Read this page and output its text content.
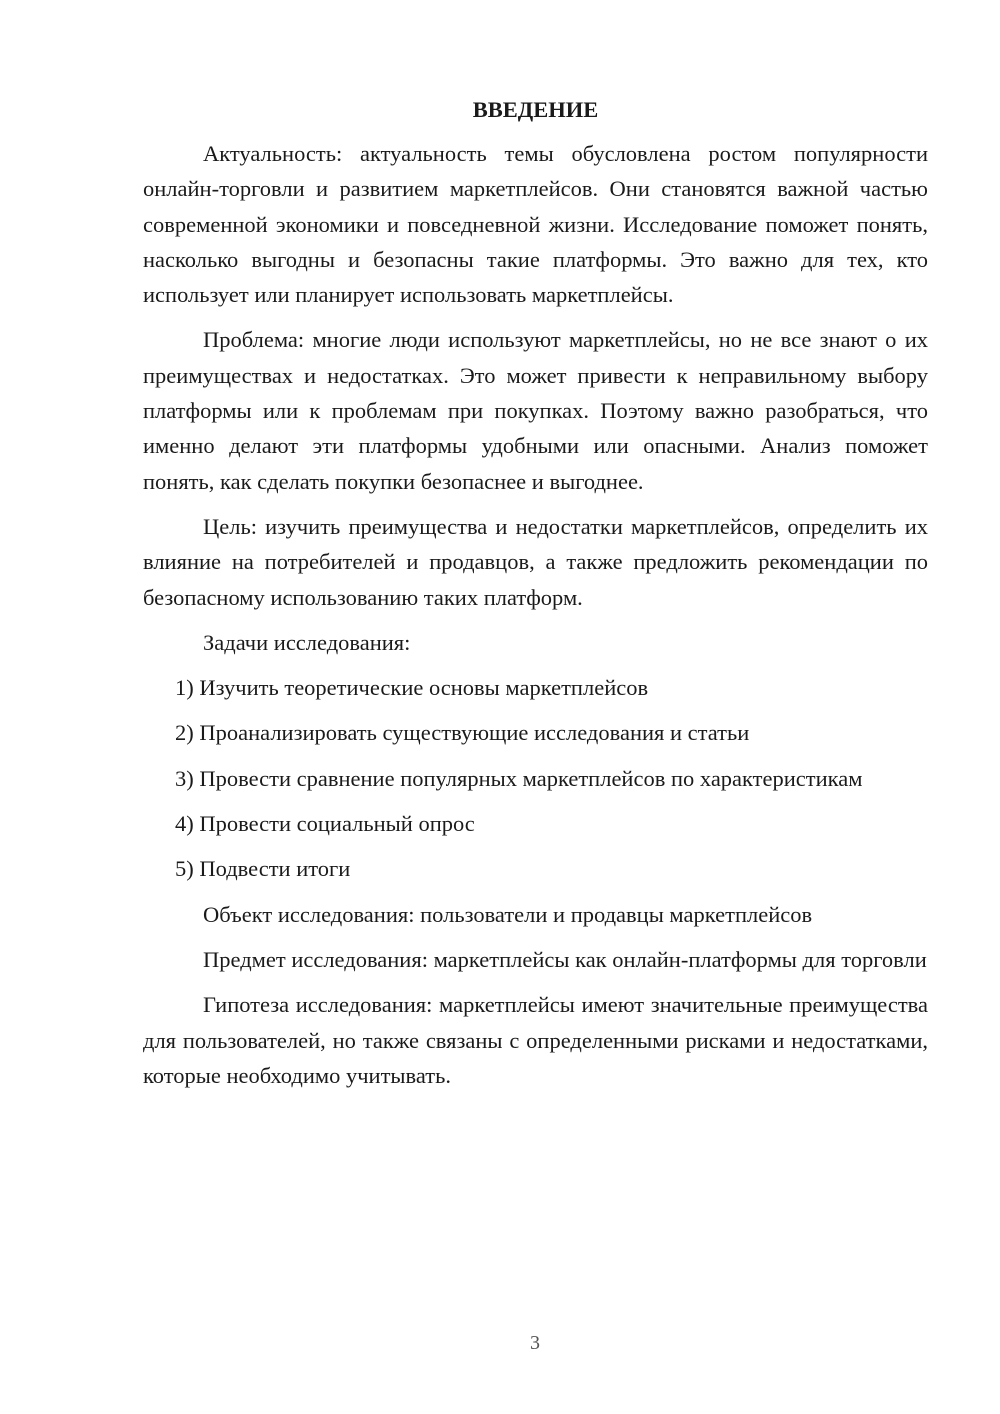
ВВЕДЕНИЕ

Актуальность: актуальность темы обусловлена ростом популярности онлайн-торговли и развитием маркетплейсов. Они становятся важной частью современной экономики и повседневной жизни. Исследование поможет понять, насколько выгодны и безопасны такие платформы. Это важно для тех, кто использует или планирует использовать маркетплейсы.

Проблема: многие люди используют маркетплейсы, но не все знают о их преимуществах и недостатках. Это может привести к неправильному выбору платформы или к проблемам при покупках. Поэтому важно разобраться, что именно делают эти платформы удобными или опасными. Анализ поможет понять, как сделать покупки безопаснее и выгоднее.

Цель: изучить преимущества и недостатки маркетплейсов, определить их влияние на потребителей и продавцов, а также предложить рекомендации по безопасному использованию таких платформ.

Задачи исследования:

1) Изучить теоретические основы маркетплейсов

2) Проанализировать существующие исследования и статьи

3) Провести сравнение популярных маркетплейсов по характеристикам

4) Провести социальный опрос

5) Подвести итоги

Объект исследования: пользователи и продавцы маркетплейсов

Предмет исследования: маркетплейсы как онлайн-платформы для торговли

Гипотеза исследования: маркетплейсы имеют значительные преимущества для пользователей, но также связаны с определенными рисками и недостатками, которые необходимо учитывать.

3
